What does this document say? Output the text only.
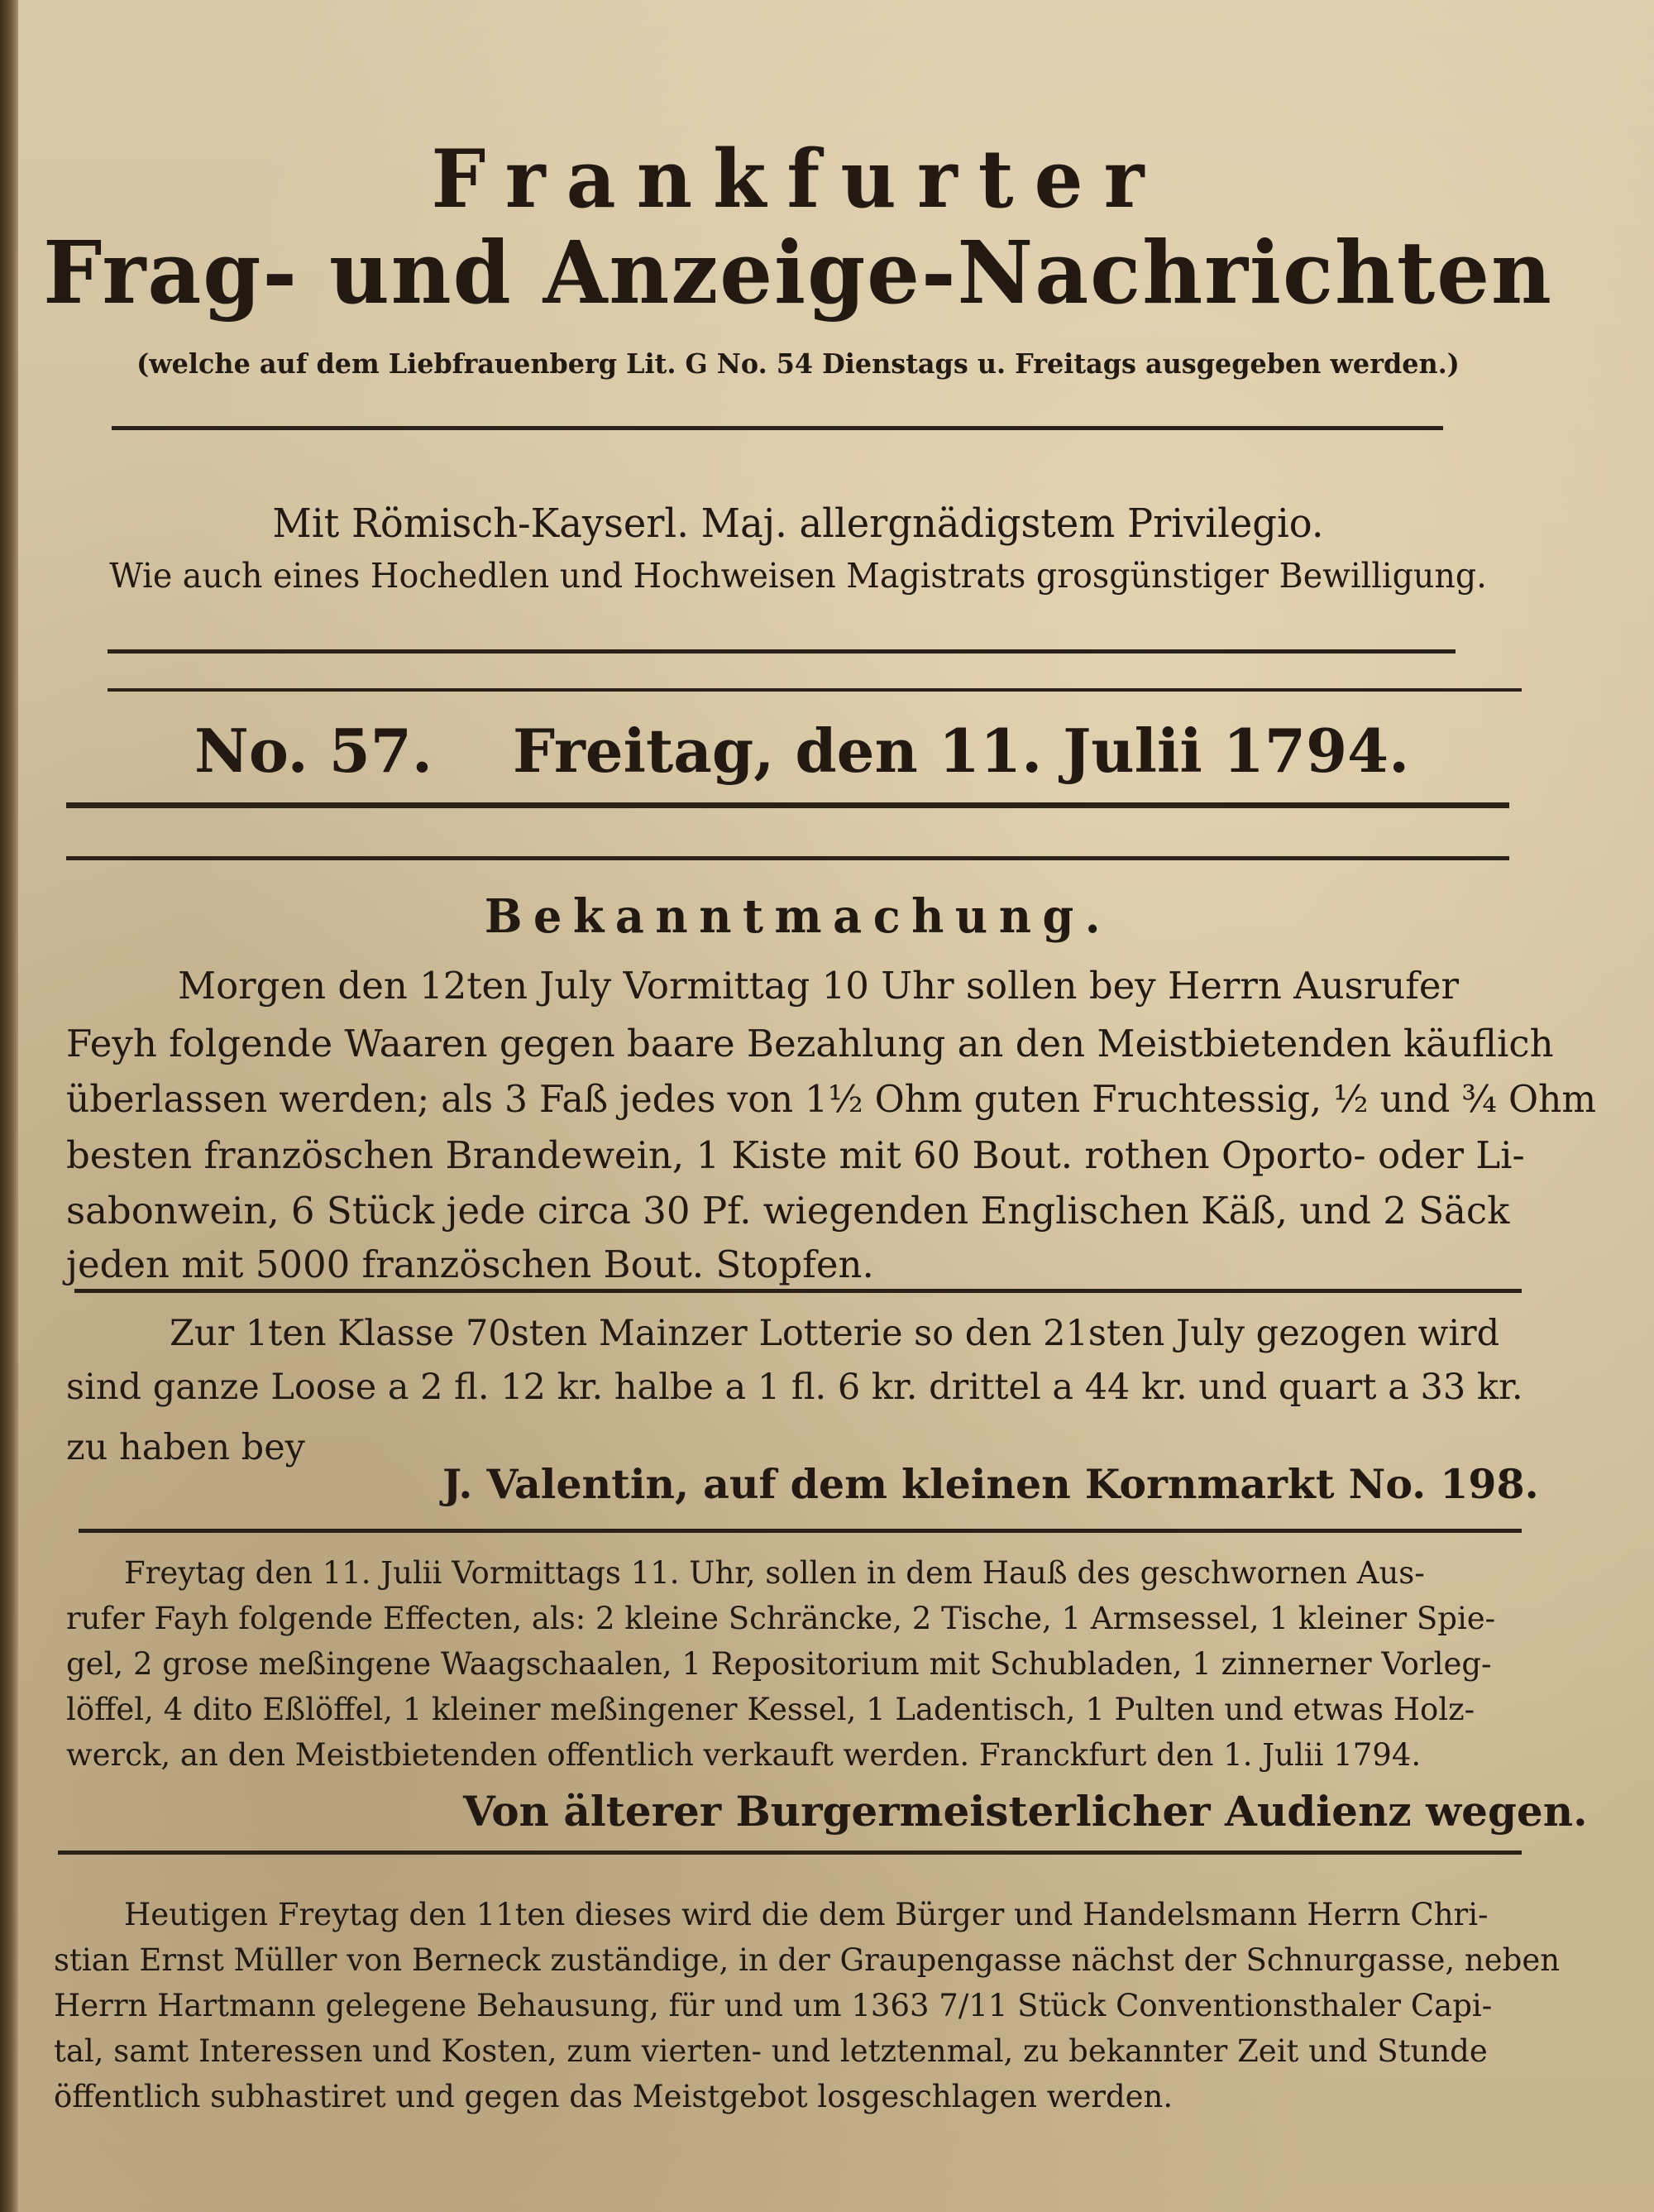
Frankfurter
Frag- und Anzeige-Nachrichten
(welche auf dem Liebfrauenberg Lit. G No. 54 Dienstags u. Freitags ausgegeben werden.)
Mit Römisch-Kayserl. Maj. allergnädigstem Privilegio.
Wie auch eines Hochedlen und Hochweisen Magistrats grosgünstiger Bewilligung.
No. 57. Freitag, den 11. Julii 1794.
Bekanntmachung.
Morgen den 12ten July Vormittag 10 Uhr sollen bey Herrn Ausrufer
Feyh folgende Waaren gegen baare Bezahlung an den Meistbietenden käuflich
überlassen werden; als 3 Faß jedes von 1½ Ohm guten Fruchtessig, ½ und ¾ Ohm
besten französchen Brandewein, 1 Kiste mit 60 Bout. rothen Oporto- oder Li-
sabonwein, 6 Stück jede circa 30 Pf. wiegenden Englischen Käß, und 2 Säck
jeden mit 5000 französchen Bout. Stopfen.
Zur 1ten Klasse 70sten Mainzer Lotterie so den 21sten July gezogen wird
sind ganze Loose a 2 fl. 12 kr. halbe a 1 fl. 6 kr. drittel a 44 kr. und quart a 33 kr.
zu haben bey
J. Valentin, auf dem kleinen Kornmarkt No. 198.
Freytag den 11. Julii Vormittags 11. Uhr, sollen in dem Hauß des geschwornen Aus-
rufer Fayh folgende Effecten, als: 2 kleine Schräncke, 2 Tische, 1 Armsessel, 1 kleiner Spie-
gel, 2 grose meßingene Waagschaalen, 1 Repositorium mit Schubladen, 1 zinnerner Vorleg-
löffel, 4 dito Eßlöffel, 1 kleiner meßingener Kessel, 1 Ladentisch, 1 Pulten und etwas Holz-
werck, an den Meistbietenden offentlich verkauft werden. Franckfurt den 1. Julii 1794.
Von älterer Burgermeisterlicher Audienz wegen.
Heutigen Freytag den 11ten dieses wird die dem Bürger und Handelsmann Herrn Chri-
stian Ernst Müller von Berneck zuständige, in der Graupengasse nächst der Schnurgasse, neben
Herrn Hartmann gelegene Behausung, für und um 1363 7/11 Stück Conventionsthaler Capi-
tal, samt Interessen und Kosten, zum vierten- und letztenmal, zu bekannter Zeit und Stunde
öffentlich subhastiret und gegen das Meistgebot losgeschlagen werden.
